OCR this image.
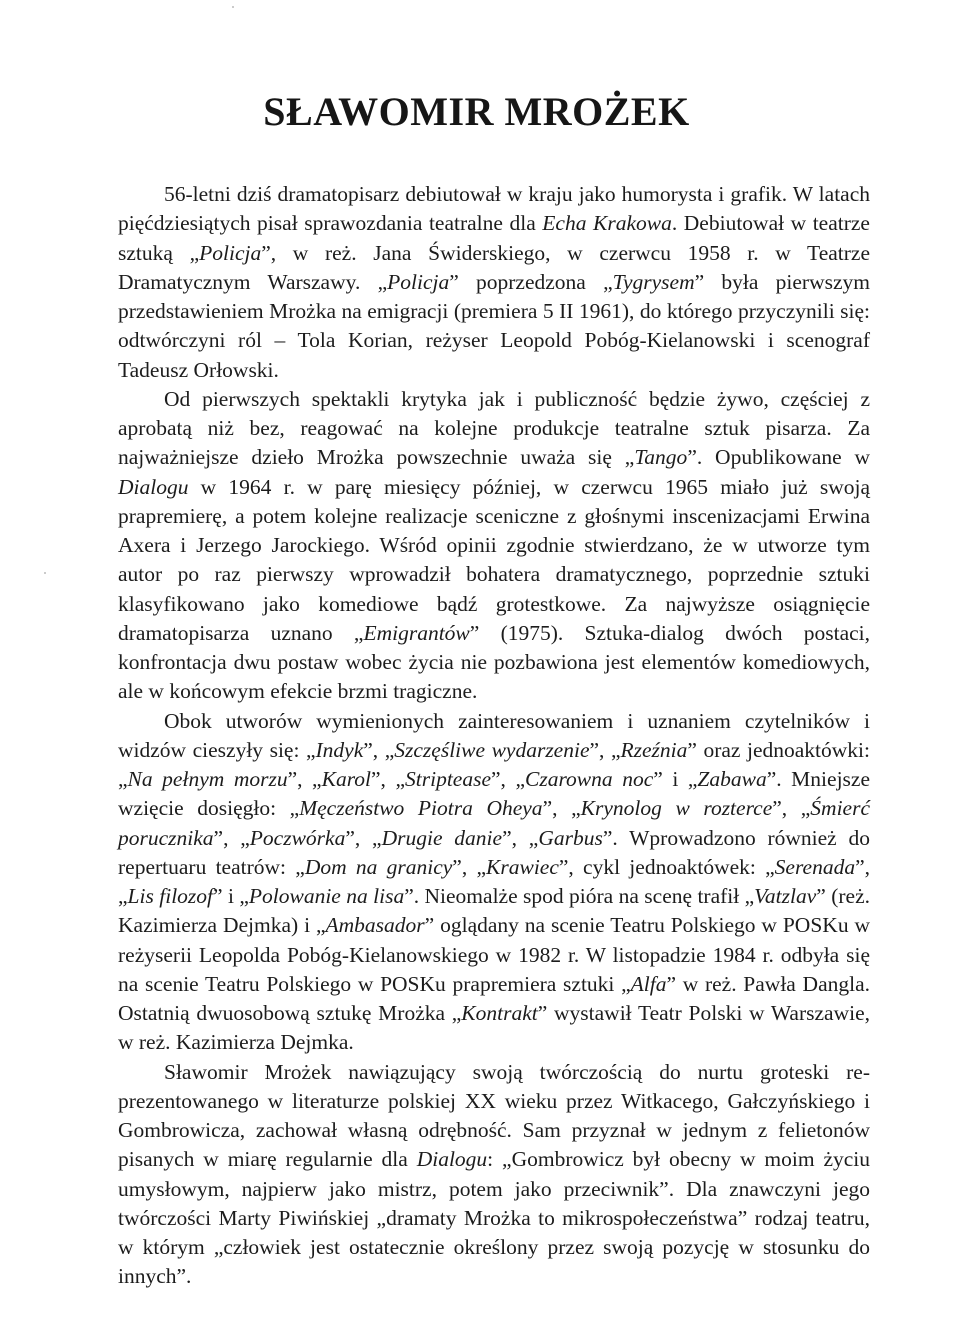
SŁAWOMIR MROŻEK

56-letni dziś dramatopisarz debiutował w kraju jako humorysta i grafik. W latach pięćdziesiątych pisał sprawozdania teatralne dla Echa Krakowa. Debiutował w teatrze sztuką „Policja”, w reż. Jana Świderskiego, w czerwcu 1958 r. w Teatrze Dramatycznym Warszawy. „Policja” poprzedzona „Tygrysem” była pierwszym przedstawieniem Mrożka na emigracji (premiera 5 II 1961), do którego przyczynili się: odtwórczyni ról – Tola Korian, reżyser Leopold Pobóg-Kielanowski i scenograf Tadeusz Orłowski.

Od pierwszych spektakli krytyka jak i publiczność będzie żywo, częściej z aprobatą niż bez, reagować na kolejne produkcje teatralne sztuk pisarza. Za najważniejsze dzieło Mrożka powszechnie uważa się „Tango”. Opublikowane w Dialogu w 1964 r. w parę miesięcy później, w czerwcu 1965 miało już swoją prapremierę, a potem kolejne realizacje sceniczne z głośnymi inscenizacjami Erwina Axera i Jerzego Jarockiego. Wśród opinii zgodnie stwierdzano, że w utworze tym autor po raz pierwszy wprowadził bohatera dramatycznego, poprzednie sztuki klasyfikowano jako komediowe bądź grotestkowe. Za najwyższe osiągnięcie dramatopisarza uznano „Emigrantów” (1975). Sztuka-dialog dwóch postaci, konfrontacja dwu postaw wobec życia nie pozbawiona jest elementów komediowych, ale w końcowym efekcie brzmi tragiczne.

Obok utworów wymienionych zainteresowaniem i uznaniem czytelników i widzów cieszyły się: „Indyk”, „Szczęśliwe wydarzenie”, „Rzeźnia” oraz jednoaktówki: „Na pełnym morzu”, „Karol”, „Striptease”, „Czarowna noc” i „Zabawa”. Mniejsze wzięcie dosięgło: „Męczeństwo Piotra Oheya”, „Krynolog w rozterce”, „Śmierć porucznika”, „Poczwórka”, „Drugie danie”, „Garbus”. Wprowadzono również do repertuaru teatrów: „Dom na granicy”, „Krawiec”, cykl jednoaktówek: „Serenada”, „Lis filozof” i „Polowanie na lisa”. Nieomalże spod pióra na scenę trafił „Vatzlav” (reż. Kazimierza Dejmka) i „Ambasador” oglądany na scenie Teatru Polskiego w POSKu w reżyserii Leopolda Pobóg-Kielanowskiego w 1982 r. W listopadzie 1984 r. odbyła się na scenie Teatru Polskiego w POSKu prapremiera sztuki „Alfa” w reż. Pawła Dangla. Ostatnią dwuosobową sztukę Mrożka „Kontrakt” wystawił Teatr Polski w Warszawie, w reż. Kazimierza Dejmka.

Sławomir Mrożek nawiązujący swoją twórczością do nurtu groteski reprezentowanego w literaturze polskiej XX wieku przez Witkacego, Gałczyńskiego i Gombrowicza, zachował własną odrębność. Sam przyznał w jednym z felietonów pisanych w miarę regularnie dla Dialogu: „Gombrowicz był obecny w moim życiu umysłowym, najpierw jako mistrz, potem jako przeciwnik”. Dla znawczyni jego twórczości Marty Piwińskiej „dramaty Mrożka to mikrospołeczeństwa” rodzaj teatru, w którym „człowiek jest ostatecznie określony przez swoją pozycję w stosunku do innych”.
